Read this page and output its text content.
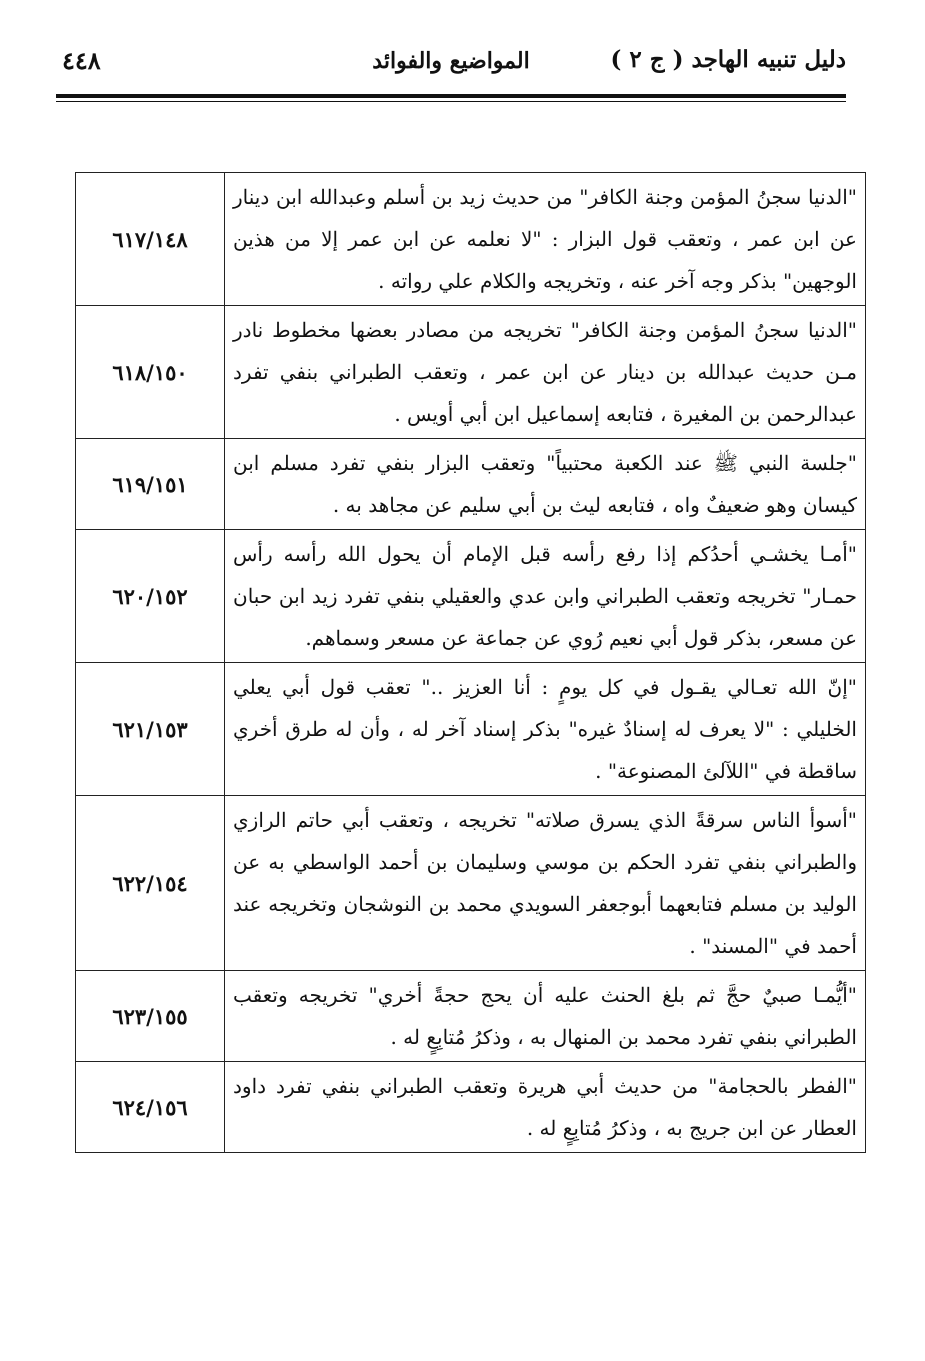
دليل تنبيه الهاجد ( ج ٢ )
المواضيع والفوائد
٤٤٨
"الدنيا سجنُ المؤمن وجنة الكافر" من حديث زيد بن أسلم وعبدالله ابن دينار عن ابن عمر ، وتعقب قول البزار : "لا نعلمه عن ابن عمر إلا من هذين الوجهين" بذكر وجه آخر عنه ، وتخريجه والكلام علي رواته .	٦١٧/١٤٨
"الدنيا سجنُ المؤمن وجنة الكافر" تخريجه من مصادر بعضها مخطوط نادر مـن حديث عبدالله بن دينار عن ابن عمر ، وتعقب الطبراني بنفي تفرد عبدالرحمن بن المغيرة ، فتابعه إسماعيل ابن أبي أويس .	٦١٨/١٥٠
"جلسة النبي ﷺ عند الكعبة محتبياً" وتعقب البزار بنفي تفرد مسلم ابن كيسان وهو ضعيفٌ واه ، فتابعه ليث بن أبي سليم عن مجاهد به .	٦١٩/١٥١
"أمـا يخشـي أحدُكم إذا رفع رأسه قبل الإمام أن يحول الله رأسه رأس حمـار" تخريجه وتعقب الطبراني وابن عدي والعقيلي بنفي تفرد زيد ابن حبان عن مسعر، بذكر قول أبي نعيم رُوي عن جماعة عن مسعر وسماهم.	٦٢٠/١٥٢
"إنّ الله تعـالي يقـول في كل يومٍ : أنا العزيز .." تعقب قول أبي يعلي الخليلي : "لا يعرف له إسنادٌ غيره" بذكر إسناد آخر له ، وأن له طرق أخري ساقطة في "اللآلئ المصنوعة" .	٦٢١/١٥٣
"أسوأ الناس سرقةً الذي يسرق صلاته" تخريجه ، وتعقب أبي حاتم الرازي والطبراني بنفي تفرد الحكم بن موسي وسليمان بن أحمد الواسطي به عن الوليد بن مسلم فتابعهما أبوجعفر السويدي محمد بن النوشجان وتخريجه عند أحمد في "المسند" .	٦٢٢/١٥٤
"أيُّمـا صبيٌ حجَّ ثم بلغ الحنث عليه أن يحج حجةً أخري" تخريجه وتعقب الطبراني بنفي تفرد محمد بن المنهال به ، وذكرُ مُتابِعٍ له .	٦٢٣/١٥٥
"الفطر بالحجامة" من حديث أبي هريرة وتعقب الطبراني بنفي تفرد داود العطار عن ابن جريج به ، وذكرُ مُتابِعٍ له .	٦٢٤/١٥٦
